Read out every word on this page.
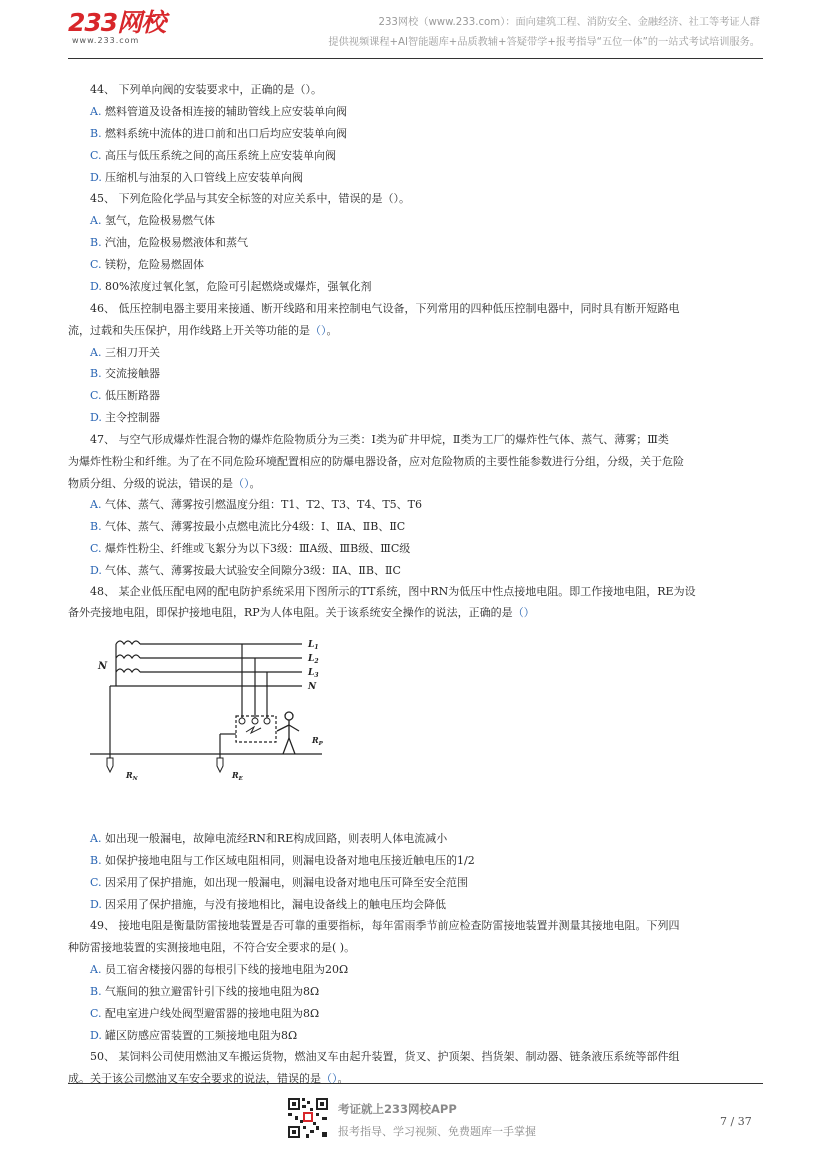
233网校
www.233.com
233网校（www.233.com）：面向建筑工程、消防安全、金融经济、社工等考证人群
提供视频课程+AI智能题库+品质教辅+答疑带学+报考指导“五位一体”的一站式考试培训服务。
44、 下列单向阀的安装要求中，正确的是（）。
A. 燃料管道及设备相连接的辅助管线上应安装单向阀
B. 燃料系统中流体的进口前和出口后均应安装单向阀
C. 高压与低压系统之间的高压系统上应安装单向阀
D. 压缩机与油泵的入口管线上应安装单向阀
45、 下列危险化学品与其安全标签的对应关系中，错误的是（）。
A. 氢气，危险极易燃气体
B. 汽油，危险极易燃液体和蒸气
C. 镁粉，危险易燃固体
D. 80%浓度过氧化氢，危险可引起燃烧或爆炸，强氧化剂
46、 低压控制电器主要用来接通、断开线路和用来控制电气设备，下列常用的四种低压控制电器中，同时具有断开短路电
流，过载和失压保护，用作线路上开关等功能的是（）。
A. 三相刀开关
B. 交流接触器
C. 低压断路器
D. 主令控制器
47、 与空气形成爆炸性混合物的爆炸危险物质分为三类：Ⅰ类为矿井甲烷，Ⅱ类为工厂的爆炸性气体、蒸气、薄雾；Ⅲ类
为爆炸性粉尘和纤维。为了在不同危险环境配置相应的防爆电器设备，应对危险物质的主要性能参数进行分组，分级，关于危险
物质分组、分级的说法，错误的是（）。
A. 气体、蒸气、薄雾按引燃温度分组：T1、T2、T3、T4、T5、T6
B. 气体、蒸气、薄雾按最小点燃电流比分4级：Ⅰ、ⅡA、ⅡB、ⅡC
C. 爆炸性粉尘、纤维或飞絮分为以下3级：ⅢA级、ⅢB级、ⅢC级
D. 气体、蒸气、薄雾按最大试验安全间隙分3级：ⅡA、ⅡB、ⅡC
48、 某企业低压配电网的配电防护系统采用下图所示的TT系统，图中RN为低压中性点接地电阻。即工作接地电阻，RE为设
备外壳接地电阻，即保护接地电阻，RP为人体电阻。关于该系统安全操作的说法，正确的是（）
N
$L_1$
$L_2$
$L_3$
N
$R_N$	$R_E$
$R_P$
A. 如出现一般漏电，故障电流经RN和RE构成回路，则表明人体电流减小
B. 如保护接地电阻与工作区域电阻相同，则漏电设备对地电压接近触电压的1/2
C. 因采用了保护措施，如出现一般漏电，则漏电设备对地电压可降至安全范围
D. 因采用了保护措施，与没有接地相比，漏电设备线上的触电压均会降低
49、 接地电阻是衡量防雷接地装置是否可靠的重要指标，每年雷雨季节前应检查防雷接地装置并测量其接地电阻。下列四
种防雷接地装置的实测接地电阻，不符合安全要求的是( )。
A. 员工宿舍楼接闪器的每根引下线的接地电阻为20Ω
B. 气瓶间的独立避雷针引下线的接地电阻为8Ω
C. 配电室进户线处阀型避雷器的接地电阻为8Ω
D. 罐区防感应雷装置的工频接地电阻为8Ω
50、 某饲料公司使用燃油叉车搬运货物，燃油叉车由起升装置，货叉、护顶架、挡货架、制动器、链条液压系统等部件组
成。关于该公司燃油叉车安全要求的说法，错误的是（）。
考证就上233网校APP
报考指导、学习视频、免费题库一手掌握
7 / 37
